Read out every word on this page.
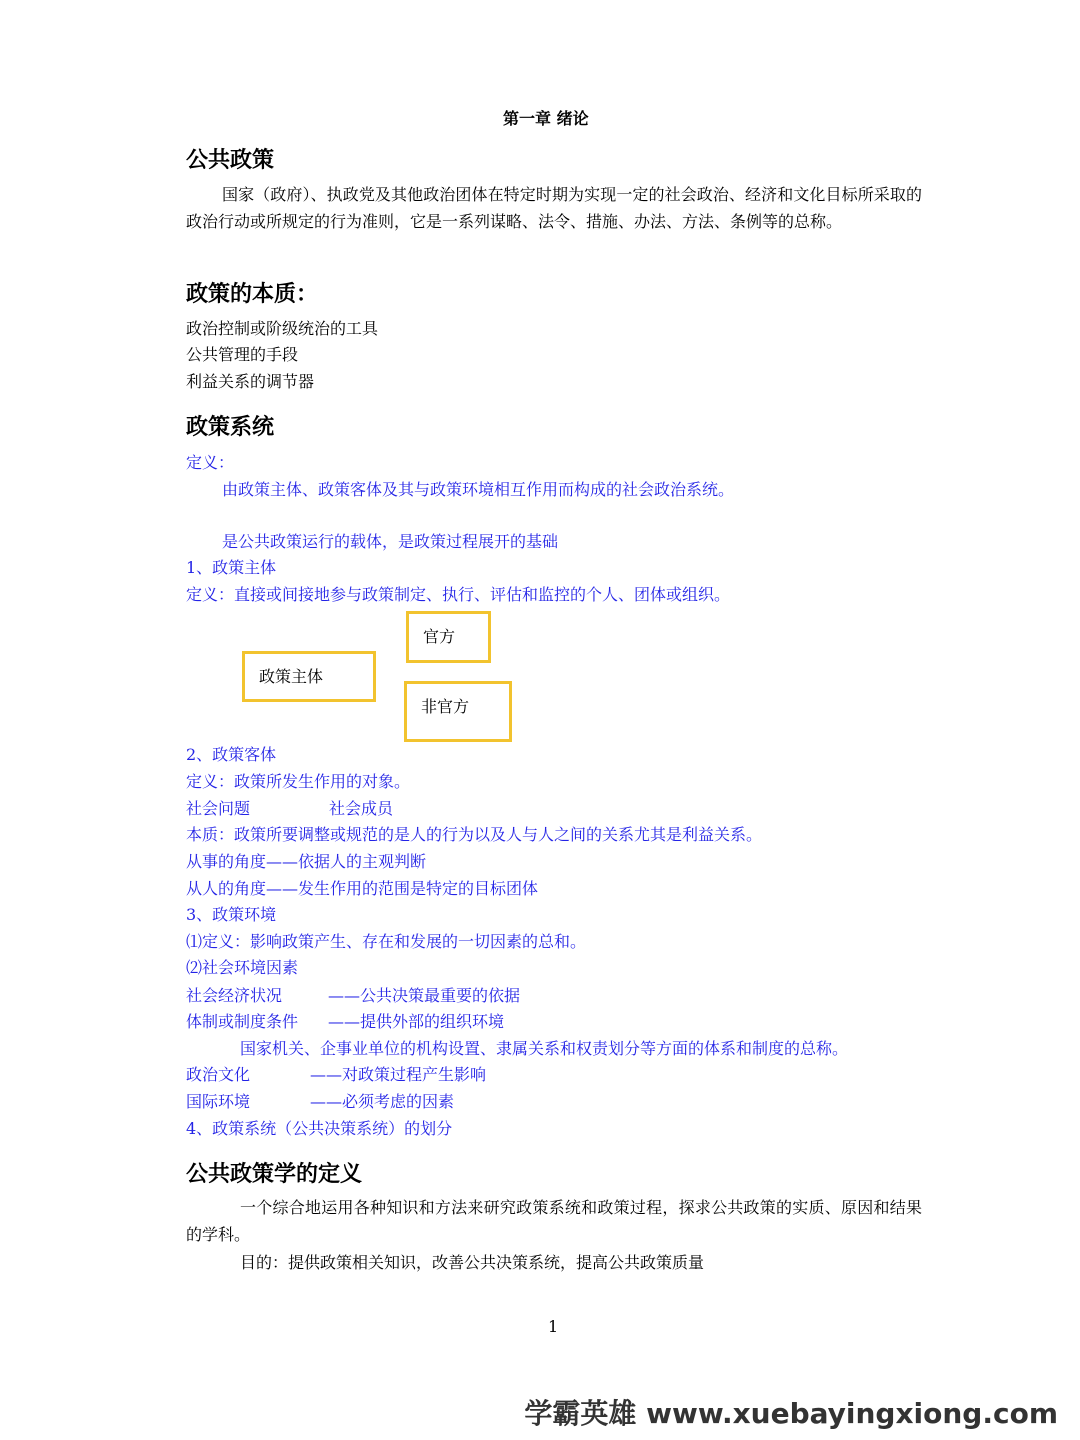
第一章 绪论
公共政策
国家（政府）、执政党及其他政治团体在特定时期为实现一定的社会政治、经济和文化目标所采取的政治行动或所规定的行为准则，它是一系列谋略、法令、措施、办法、方法、条例等的总称。
政策的本质：
政治控制或阶级统治的工具
公共管理的手段
利益关系的调节器
政策系统
定义：
由政策主体、政策客体及其与政策环境相互作用而构成的社会政治系统。
是公共政策运行的载体，是政策过程展开的基础
1、政策主体
定义：直接或间接地参与政策制定、执行、评估和监控的个人、团体或组织。
官方
政策主体
非官方
2、政策客体
定义：政策所发生作用的对象。
社会问题	社会成员
本质：政策所要调整或规范的是人的行为以及人与人之间的关系尤其是利益关系。
从事的角度——依据人的主观判断
从人的角度——发生作用的范围是特定的目标团体
3、政策环境
⑴定义：影响政策产生、存在和发展的一切因素的总和。
⑵社会环境因素
社会经济状况	——公共决策最重要的依据
体制或制度条件 ——提供外部的组织环境
国家机关、企事业单位的机构设置、隶属关系和权责划分等方面的体系和制度的总称。
政治文化	——对政策过程产生影响
国际环境	——必须考虑的因素
4、政策系统（公共决策系统）的划分
公共政策学的定义
一个综合地运用各种知识和方法来研究政策系统和政策过程，探求公共政策的实质、原因和结果的学科。
目的：提供政策相关知识，改善公共决策系统，提高公共政策质量
1
学霸英雄 www.xuebayingxiong.com
